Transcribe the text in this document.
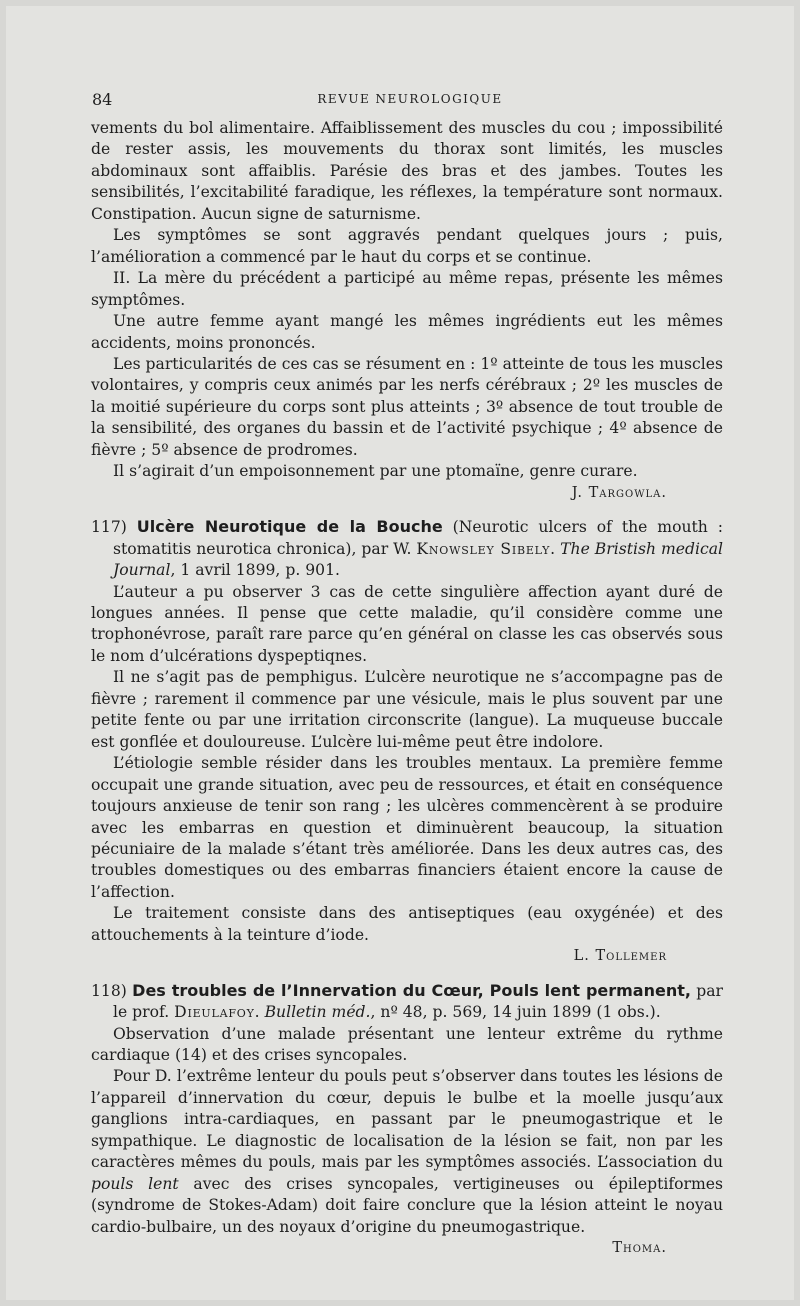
84	REVUE NEUROLOGIQUE

vements du bol alimentaire. Affaiblissement des muscles du cou ; impossibilité de rester assis, les mouvements du thorax sont limités, les muscles abdominaux sont affaiblis. Parésie des bras et des jambes. Toutes les sensibilités, l’excitabilité faradique, les réflexes, la température sont normaux. Constipation. Aucun signe de saturnisme.

Les symptômes se sont aggravés pendant quelques jours ; puis, l’amélioration a commencé par le haut du corps et se continue.

II. La mère du précédent a participé au même repas, présente les mêmes symptômes.

Une autre femme ayant mangé les mêmes ingrédients eut les mêmes accidents, moins prononcés.

Les particularités de ces cas se résument en : 1º atteinte de tous les muscles volontaires, y compris ceux animés par les nerfs cérébraux ; 2º les muscles de la moitié supérieure du corps sont plus atteints ; 3º absence de tout trouble de la sensibilité, des organes du bassin et de l’activité psychique ; 4º absence de fièvre ; 5º absence de prodromes.

Il s’agirait d’un empoisonnement par une ptomaïne, genre curare.

J. Targowla.

117) Ulcère Neurotique de la Bouche (Neurotic ulcers of the mouth : stomatitis neurotica chronica), par W. Knowsley Sibely. The Bristish medical Journal, 1 avril 1899, p. 901.

L’auteur a pu observer 3 cas de cette singulière affection ayant duré de longues années. Il pense que cette maladie, qu’il considère comme une trophonévrose, paraît rare parce qu’en général on classe les cas observés sous le nom d’ulcérations dyspeptiqnes.

Il ne s’agit pas de pemphigus. L’ulcère neurotique ne s’accompagne pas de fièvre ; rarement il commence par une vésicule, mais le plus souvent par une petite fente ou par une irritation circonscrite (langue). La muqueuse buccale est gonflée et douloureuse. L’ulcère lui-même peut être indolore.

L’étiologie semble résider dans les troubles mentaux. La première femme occupait une grande situation, avec peu de ressources, et était en conséquence toujours anxieuse de tenir son rang ; les ulcères commencèrent à se produire avec les embarras en question et diminuèrent beaucoup, la situation pécuniaire de la malade s’étant très améliorée. Dans les deux autres cas, des troubles domestiques ou des embarras financiers étaient encore la cause de l’affection.

Le traitement consiste dans des antiseptiques (eau oxygénée) et des attouchements à la teinture d’iode.

L. Tollemer

118) Des troubles de l’Innervation du Cœur, Pouls lent permanent, par le prof. Dieulafoy. Bulletin méd., nº 48, p. 569, 14 juin 1899 (1 obs.).

Observation d’une malade présentant une lenteur extrême du rythme cardiaque (14) et des crises syncopales.

Pour D. l’extrême lenteur du pouls peut s’observer dans toutes les lésions de l’appareil d’innervation du cœur, depuis le bulbe et la moelle jusqu’aux ganglions intra-cardiaques, en passant par le pneumogastrique et le sympathique. Le diagnostic de localisation de la lésion se fait, non par les caractères mêmes du pouls, mais par les symptômes associés. L’association du pouls lent avec des crises syncopales, vertigineuses ou épileptiformes (syndrome de Stokes-Adam) doit faire conclure que la lésion atteint le noyau cardio-bulbaire, un des noyaux d’origine du pneumogastrique.

Thoma.
